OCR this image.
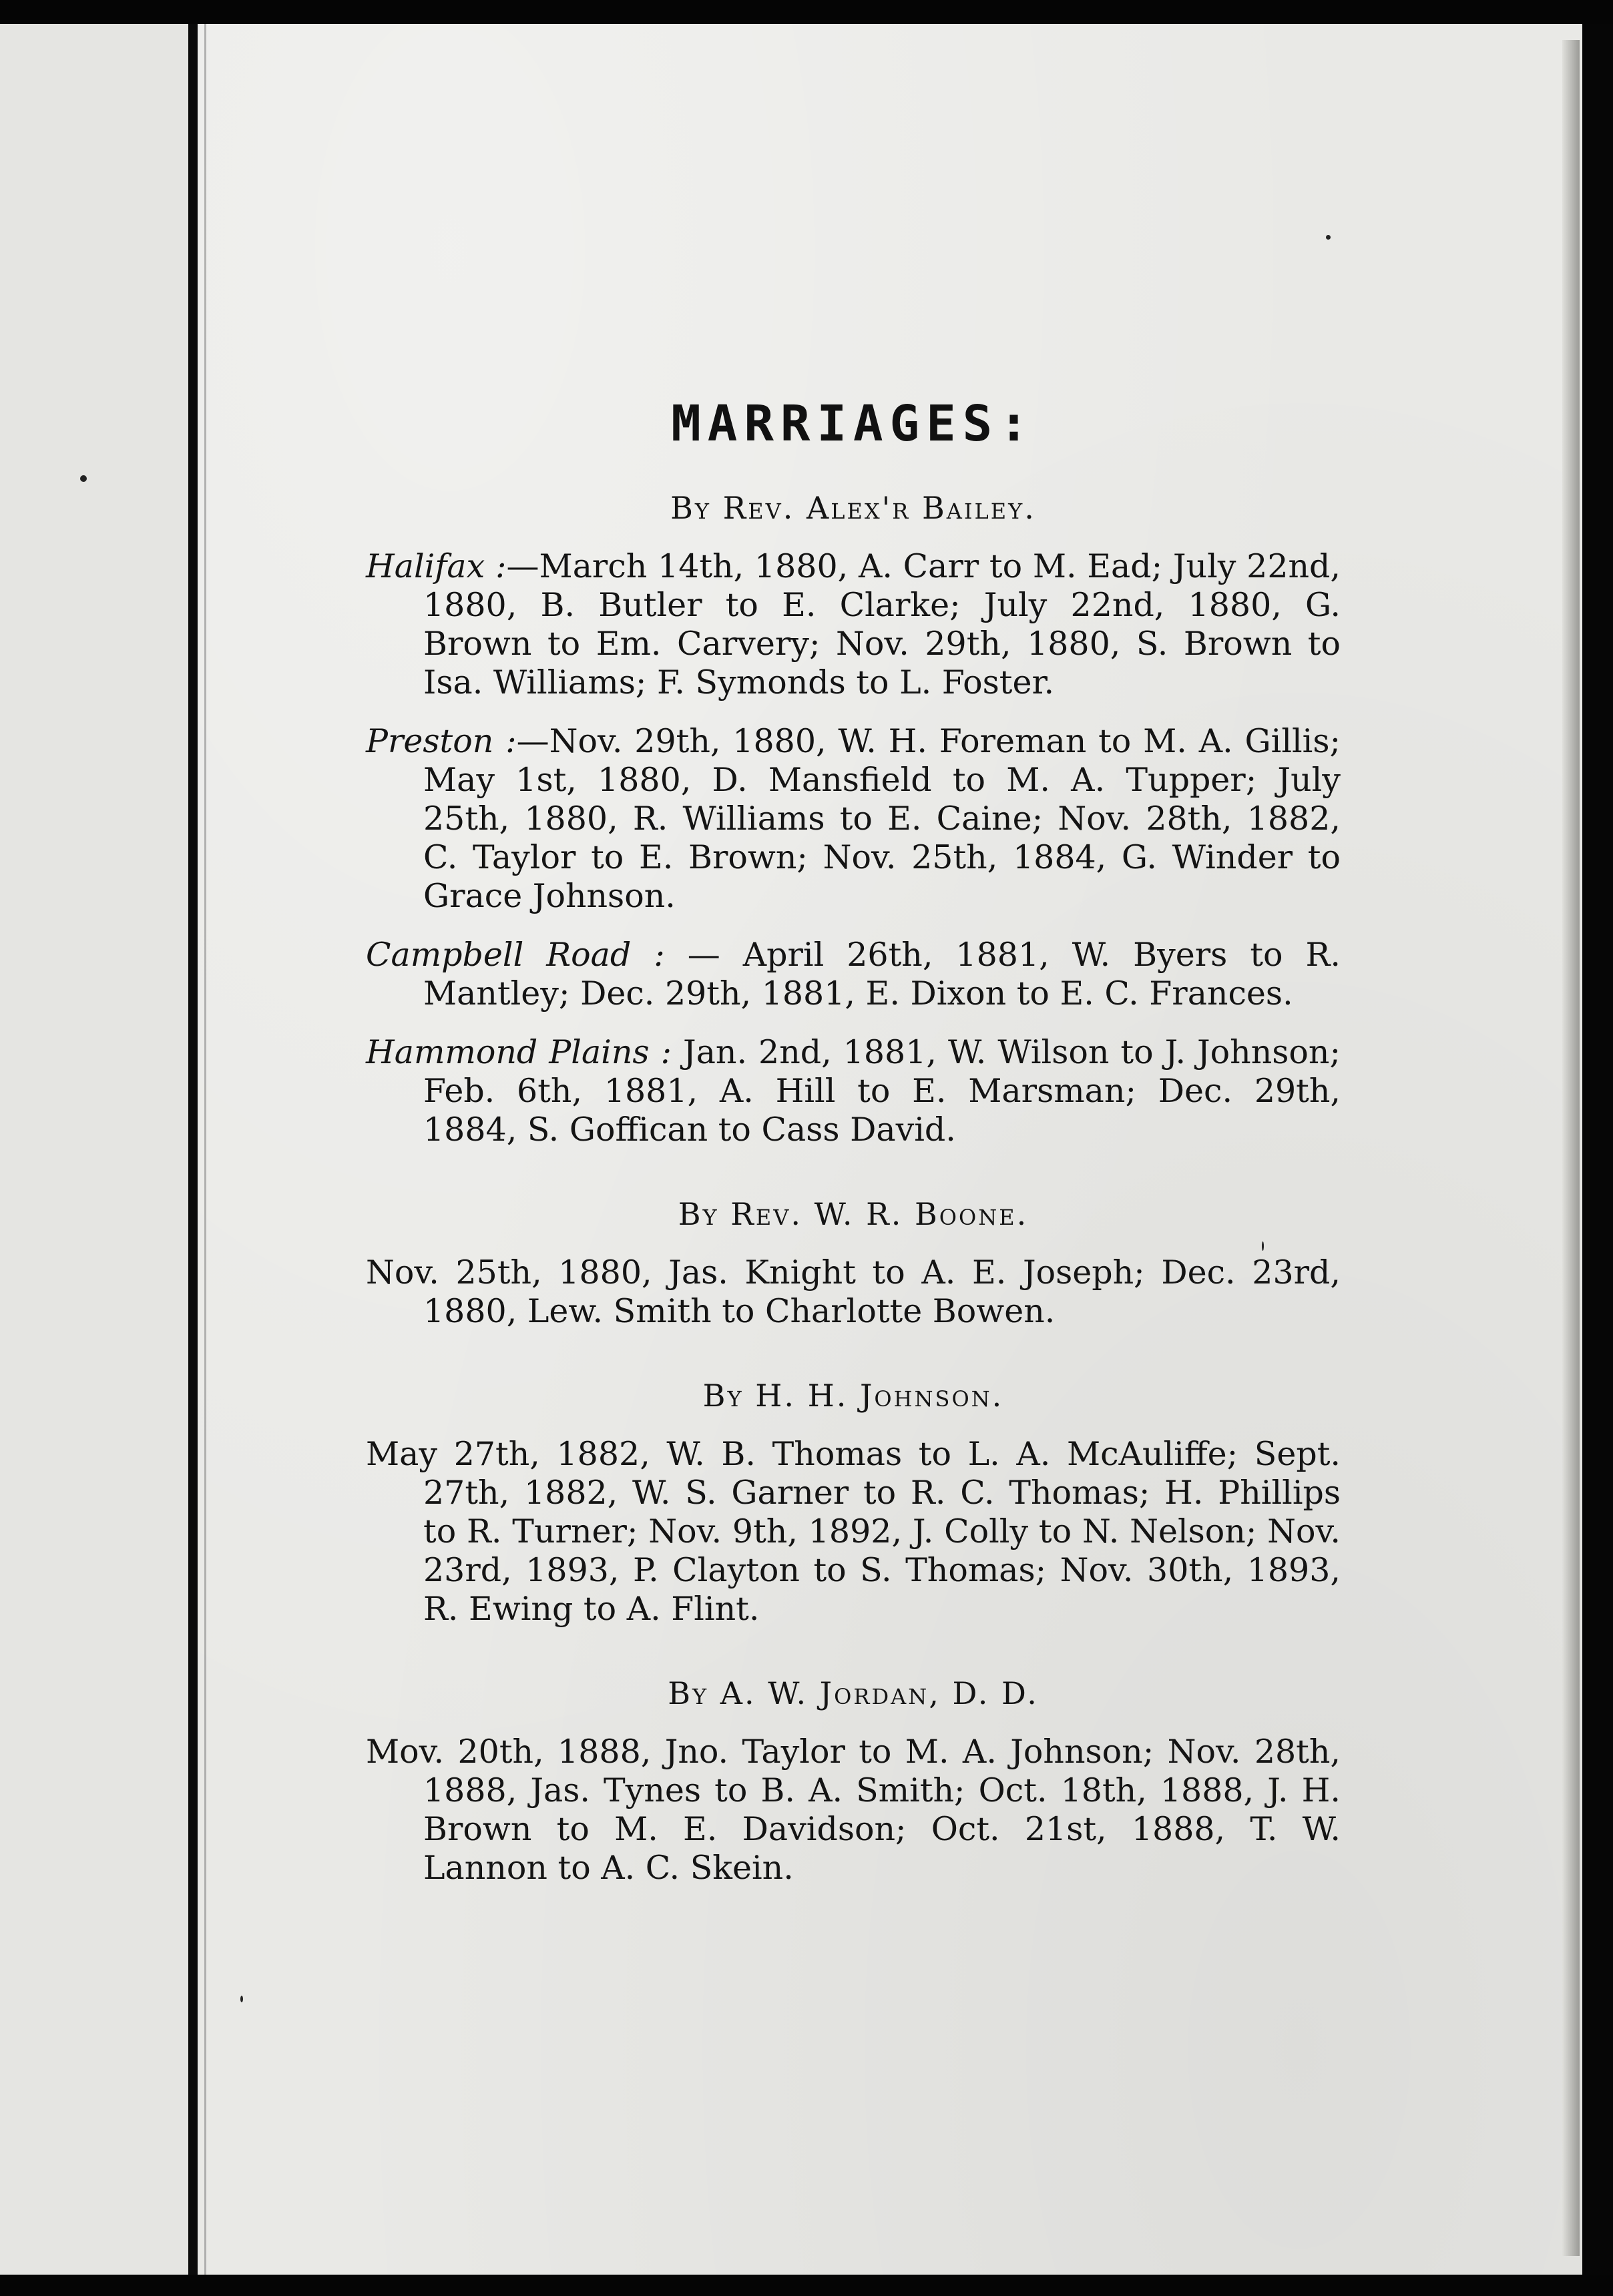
MARRIAGES:
By Rev. Alex'r Bailey.

Halifax :—March 14th, 1880, A. Carr to M. Ead; July 22nd, 1880, B. Butler to E. Clarke; July 22nd, 1880, G. Brown to Em. Carvery; Nov. 29th, 1880, S. Brown to Isa. Williams; F. Symonds to L. Foster.

Preston :—Nov. 29th, 1880, W. H. Foreman to M. A. Gillis; May 1st, 1880, D. Mansfield to M. A. Tupper; July 25th, 1880, R. Williams to E. Caine; Nov. 28th, 1882, C. Taylor to E. Brown; Nov. 25th, 1884, G. Winder to Grace Johnson.

Campbell Road : — April 26th, 1881, W. Byers to R. Mantley; Dec. 29th, 1881, E. Dixon to E. C. Frances.

Hammond Plains : Jan. 2nd, 1881, W. Wilson to J. Johnson; Feb. 6th, 1881, A. Hill to E. Marsman; Dec. 29th, 1884, S. Goffican to Cass David.

By Rev. W. R. Boone.

Nov. 25th, 1880, Jas. Knight to A. E. Joseph; Dec. 23rd, 1880, Lew. Smith to Charlotte Bowen.

By H. H. Johnson.

May 27th, 1882, W. B. Thomas to L. A. McAuliffe; Sept. 27th, 1882, W. S. Garner to R. C. Thomas; H. Phillips to R. Turner; Nov. 9th, 1892, J. Colly to N. Nelson; Nov. 23rd, 1893, P. Clayton to S. Thomas; Nov. 30th, 1893, R. Ewing to A. Flint.

By A. W. Jordan, D. D.

Mov. 20th, 1888, Jno. Taylor to M. A. Johnson; Nov. 28th, 1888, Jas. Tynes to B. A. Smith; Oct. 18th, 1888, J. H. Brown to M. E. Davidson; Oct. 21st, 1888, T. W. Lannon to A. C. Skein.
